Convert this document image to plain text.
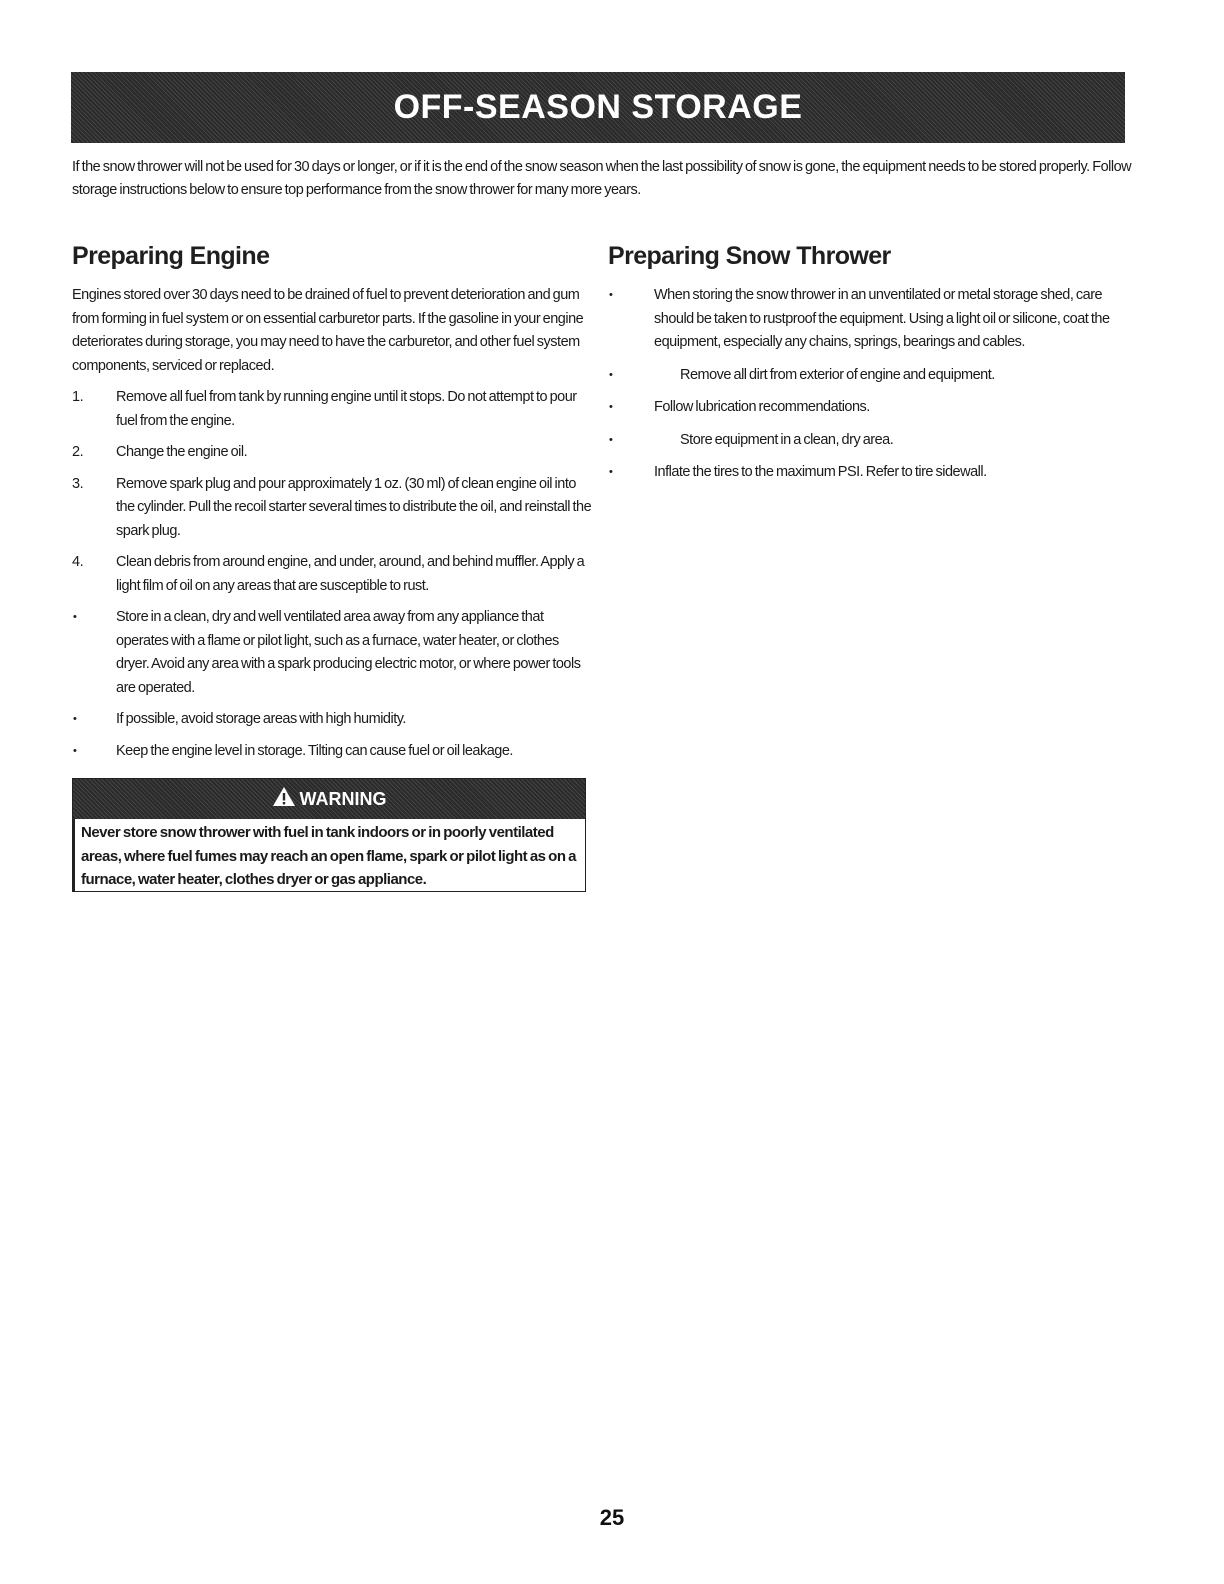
OFF-SEASON STORAGE

If the snow thrower will not be used for 30 days or longer, or if it is the end of the snow season when the last possibility of snow is gone, the equipment needs to be stored properly. Follow storage instructions below to ensure top performance from the snow thrower for many more years.

Preparing Engine

Engines stored over 30 days need to be drained of fuel to prevent deterioration and gum from forming in fuel system or on essential carburetor parts. If the gasoline in your engine deteriorates during storage, you may need to have the carburetor, and other fuel system components, serviced or replaced.

1.	Remove all fuel from tank by running engine until it stops. Do not attempt to pour fuel from the engine.
2.	Change the engine oil.
3.	Remove spark plug and pour approximately 1 oz. (30 ml) of clean engine oil into the cylinder. Pull the recoil starter several times to distribute the oil, and reinstall the spark plug.
4.	Clean debris from around engine, and under, around, and behind muffler. Apply a light film of oil on any areas that are susceptible to rust.
•	Store in a clean, dry and well ventilated area away from any appliance that operates with a flame or pilot light, such as a furnace, water heater, or clothes dryer. Avoid any area with a spark producing electric motor, or where power tools are operated.
•	If possible, avoid storage areas with high humidity.
•	Keep the engine level in storage. Tilting can cause fuel or oil leakage.
WARNING
Never store snow thrower with fuel in tank indoors or in poorly ventilated areas, where fuel fumes may reach an open flame, spark or pilot light as on a furnace, water heater, clothes dryer or gas appliance.
Preparing Snow Thrower
•	When storing the snow thrower in an unventilated or metal storage shed, care should be taken to rustproof the equipment. Using a light oil or silicone, coat the equipment, especially any chains, springs, bearings and cables.
•	Remove all dirt from exterior of engine and equipment.
•	Follow lubrication recommendations.
•	Store equipment in a clean, dry area.
•	Inflate the tires to the maximum PSI. Refer to tire sidewall.
25
